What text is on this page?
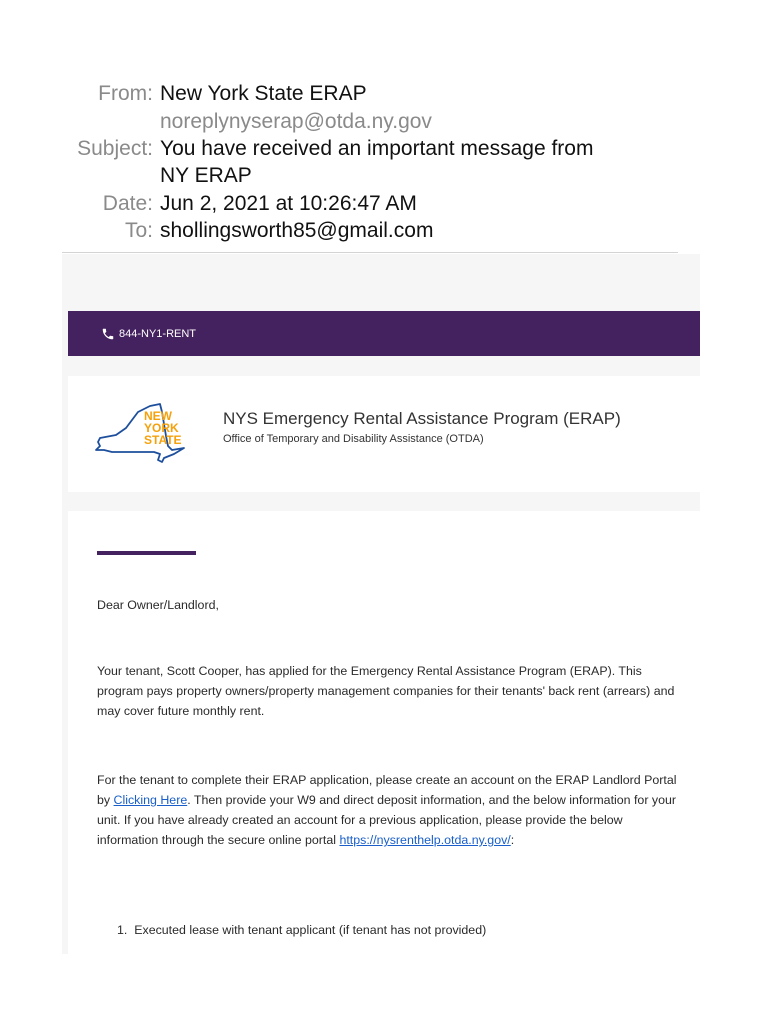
From: New York State ERAP
noreplynyserap@otda.ny.gov
Subject: You have received an important message from
NY ERAP
Date: Jun 2, 2021 at 10:26:47 AM
To: shollingsworth85@gmail.com
844-NY1-RENT
NEW
YORK
STATE
NYS Emergency Rental Assistance Program (ERAP)
Office of Temporary and Disability Assistance (OTDA)
Dear Owner/Landlord,
Your tenant, Scott Cooper, has applied for the Emergency Rental Assistance Program (ERAP). This program pays property owners/property management companies for their tenants' back rent (arrears) and may cover future monthly rent.
For the tenant to complete their ERAP application, please create an account on the ERAP Landlord Portal by Clicking Here. Then provide your W9 and direct deposit information, and the below information for your unit. If you have already created an account for a previous application, please provide the below information through the secure online portal https://nysrenthelp.otda.ny.gov/:
1. Executed lease with tenant applicant (if tenant has not provided)
